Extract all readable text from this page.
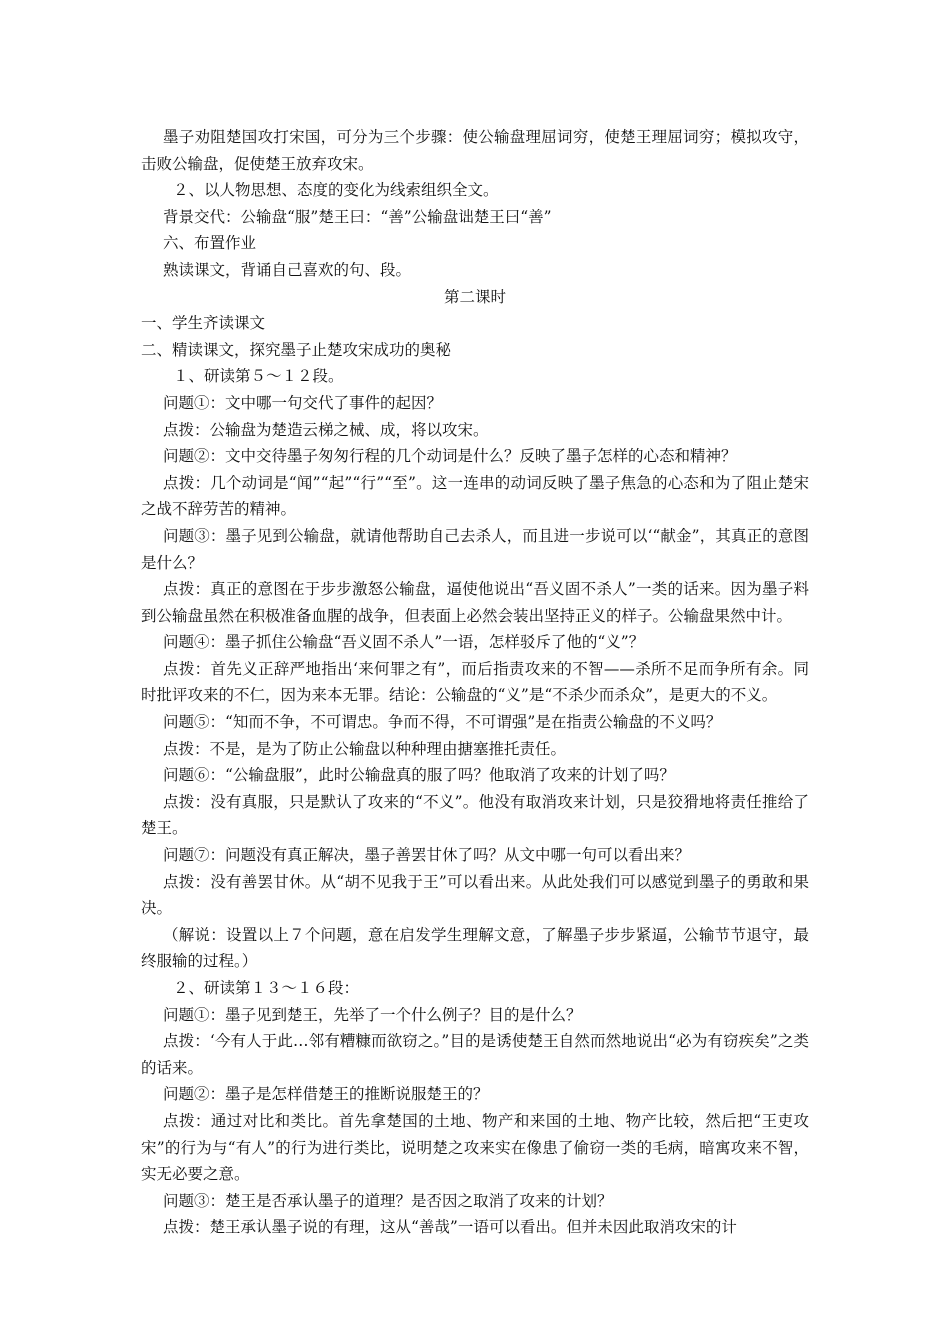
墨子劝阻楚国攻打宋国，可分为三个步骤：使公输盘理屈词穷，使楚王理屈词穷；模拟攻守，击败公输盘，促使楚王放弃攻宋。

２、以人物思想、态度的变化为线索组织全文。

背景交代：公输盘“服”楚王曰：“善”公输盘诎楚王曰“善”

六、布置作业

熟读课文，背诵自己喜欢的句、段。

第二课时

一、学生齐读课文

二、精读课文，探究墨子止楚攻宋成功的奥秘

１、研读第５～１２段。

问题①：文中哪一句交代了事件的起因？

点拨：公输盘为楚造云梯之械、成，将以攻宋。

问题②：文中交待墨子匆匆行程的几个动词是什么？反映了墨子怎样的心态和精神？

点拨：几个动词是“闻”“起”“行”“至”。这一连串的动词反映了墨子焦急的心态和为了阻止楚宋之战不辞劳苦的精神。

问题③：墨子见到公输盘，就请他帮助自己去杀人，而且进一步说可以‘“献金”，其真正的意图是什么？

点拨：真正的意图在于步步激怒公输盘，逼使他说出“吾义固不杀人”一类的话来。因为墨子料到公输盘虽然在积极准备血腥的战争，但表面上必然会装出坚持正义的样子。公输盘果然中计。

问题④：墨子抓住公输盘“吾义固不杀人”一语，怎样驳斥了他的“义”？

点拨：首先义正辞严地指出‘来何罪之有”，而后指责攻来的不智——杀所不足而争所有余。同时批评攻来的不仁，因为来本无罪。结论：公输盘的“义”是“不杀少而杀众”，是更大的不义。

问题⑤：“知而不争，不可谓忠。争而不得，不可谓强”是在指责公输盘的不义吗？

点拨：不是，是为了防止公输盘以种种理由搪塞推托责任。

问题⑥：“公输盘服”，此时公输盘真的服了吗？他取消了攻来的计划了吗？

点拨：没有真服，只是默认了攻来的“不义”。他没有取消攻来计划，只是狡猾地将责任推给了楚王。

问题⑦：问题没有真正解决，墨子善罢甘休了吗？从文中哪一句可以看出来？

点拨：没有善罢甘休。从“胡不见我于王”可以看出来。从此处我们可以感觉到墨子的勇敢和果决。

（解说：设置以上７个问题，意在启发学生理解文意，了解墨子步步紧逼，公输节节退守，最终服输的过程。）

２、研读第１３～１６段：

问题①：墨子见到楚王，先举了一个什么例子？目的是什么？

点拨：‘今有人于此…邻有糟糠而欲窃之。”目的是诱使楚王自然而然地说出“必为有窃疾矣”之类的话来。

问题②：墨子是怎样借楚王的推断说服楚王的？

点拨：通过对比和类比。首先拿楚国的土地、物产和来国的土地、物产比较，然后把“王吏攻宋”的行为与“有人”的行为进行类比，说明楚之攻来实在像患了偷窃一类的毛病，暗寓攻来不智，实无必要之意。

问题③：楚王是否承认墨子的道理？是否因之取消了攻来的计划？

点拨：楚王承认墨子说的有理，这从“善哉”一语可以看出。但并未因此取消攻宋的计
